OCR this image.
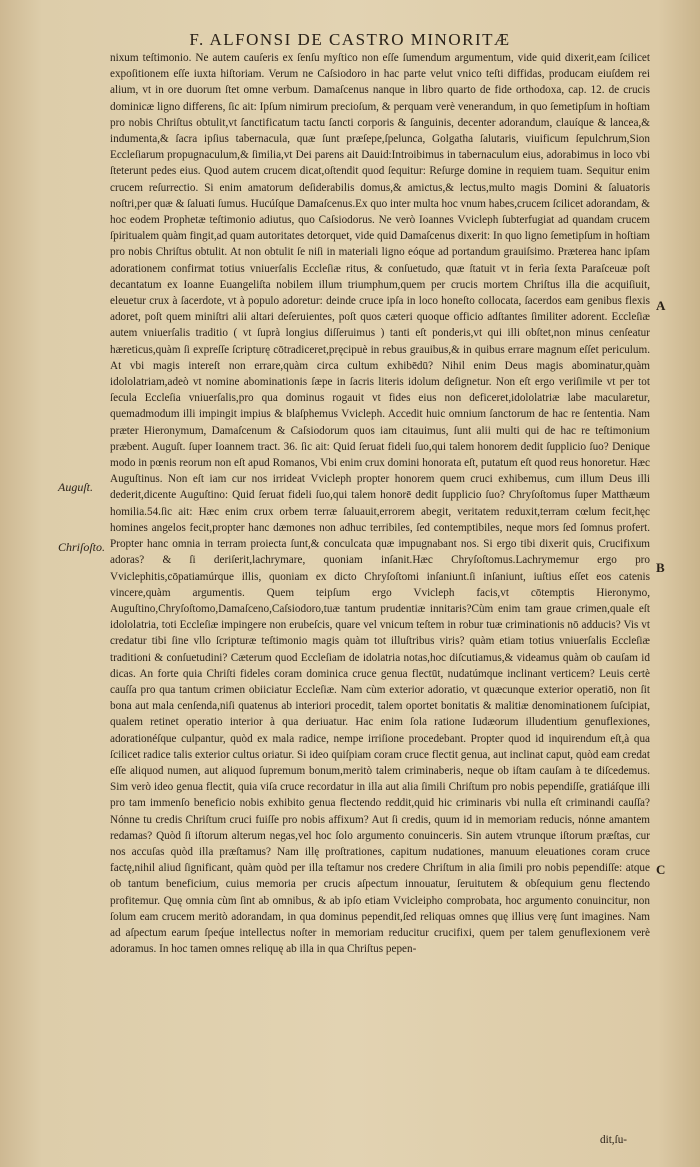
F. ALFONSI DE CASTRO MINORITÆ

nixum teſtimonio. Ne autem cauſeris ex ſenſu myſtico non eſſe ſumendum argumentum, vide quid dixerit,eam ſcilicet expoſitionem eſſe iuxta hiſtoriam. Verum ne Caſsiodoro in hac parte velut vnico teſti diffidas, producam eiuſdem rei alium, vt in ore duorum ſtet omne verbum. Damaſcenus nanque in libro quarto de fide orthodoxa, cap. 12. de crucis dominicæ ligno differens, ſic ait: Ipſum nimirum precioſum, & perquam verè venerandum, in quo ſemetipſum in hoſtiam pro nobis Chriſtus obtulit,vt ſanctificatum tactu ſancti corporis & ſanguinis, decenter adorandum, clauíque & lancea,& indumenta,& ſacra ipſius tabernacula, quæ ſunt præſepe,ſpelunca, Golgatha ſalutaris, viuificum ſepulchrum,Sion Eccleſiarum propugnaculum,& ſimilia,vt Dei parens ait Dauid:Introibimus in tabernaculum eius, adorabimus in loco vbi ſteterunt pedes eius. Quod autem crucem dicat,oſtendit quod ſequitur: Reſurge domine in requiem tuam. Sequitur enim crucem reſurrectio. Si enim amatorum deſiderabilis domus,& amictus,& lectus,multo magis Domini & ſaluatoris noſtri,per quæ & ſaluati ſumus. Hucúſque Damaſcenus.Ex quo inter multa hoc vnum habes,crucem ſcilicet adorandam, & hoc eodem Prophetæ teſtimonio adiutus, quo Caſsiodorus. Ne verò Ioannes Vvicleph ſubterfugiat ad quandam crucem ſpiritualem quàm fingit,ad quam autoritates detorquet, vide quid Damaſcenus dixerit: In quo ligno ſemetipſum in hoſtiam pro nobis Chriſtus obtulit. At non obtulit ſe niſi in materiali ligno eóque ad portandum grauiſsimo. Præterea hanc ipſam adorationem confirmat totius vniuerſalis Eccleſiæ ritus, & conſuetudo, quæ ſtatuit vt in ferìa ſexta Paraſceuæ poſt decantatum ex Ioanne Euangeliſta nobilem illum triumphum,quem per crucis mortem Chriſtus illa die acquiſiuit, eleuetur crux à ſacerdote, vt à populo adoretur: deinde cruce ipſa in loco honeſto collocata, ſacerdos eam genibus flexis adoret, poſt quem miniſtri alii altari deſeruientes, poſt quos cæteri quoque officio adſtantes ſimiliter adorent. Eccleſiæ autem vniuerſalis traditio ( vt ſuprà longius diſſeruimus ) tanti eſt ponderis,vt qui illi obſtet,non minus cenſeatur hæreticus,quàm ſi expreſſe ſcripturę cōtradiceret,pręcipuè in rebus grauibus,& in quibus errare magnum eſſet periculum. At vbi magis intereſt non errare,quàm circa cultum exhibēdū? Nihil enim Deus magis abominatur,quàm idololatriam,adeò vt nomine abominationis ſæpe in ſacris literis idolum deſignetur. Non eſt ergo veriſimile vt per tot ſecula Eccleſia vniuerſalis,pro qua dominus rogauit vt fides eius non deficeret,idololatriæ labe macularetur, quemadmodum illi impingit impius & blaſphemus Vvicleph. Accedit huic omnium ſanctorum de hac re ſententia. Nam præter Hieronymum, Damaſcenum & Caſsiodorum quos iam citauimus, ſunt alii multi qui de hac re teſtimonium præbent. Auguſt. ſuper Ioannem tract. 36. ſic ait: Quid ſeruat fideli ſuo,qui talem honorem dedit ſupplicio ſuo? Denique modo in pœnis reorum non eſt apud Romanos, Vbi enim crux domini honorata eſt, putatum eſt quod reus honoretur. Hæc Auguſtinus. Non eſt iam cur nos irrideat Vvicleph propter honorem quem cruci exhibemus, cum illum Deus illi dederit,dicente Auguſtino: Quid ſeruat fideli ſuo,qui talem honorē dedit ſupplicio ſuo? Chryſoſtomus ſuper Matthæum homilia.54.ſic ait: Hæc enim crux orbem terræ ſaluauit,errorem abegit, veritatem reduxit,terram cœlum fecit,hęc homines angelos fecit,propter hanc dæmones non adhuc terribiles, ſed contemptibiles, neque mors ſed ſomnus profert. Propter hanc omnia in terram proiecta ſunt,& conculcata quæ impugnabant nos. Si ergo tibi dixerit quis, Crucifixum adoras? & ſi deriſerit,lachrymare, quoniam inſanit.Hæc Chryſoſtomus.Lachrymemur ergo pro Vviclephitis,cōpatiamúrque illis, quoniam ex dicto Chryſoſtomi inſaniunt.ſi inſaniunt, iuſtius eſſet eos catenis vincere,quàm argumentis. Quem teipſum ergo Vvicleph facis,vt cōtemptis Hieronymo, Auguſtino,Chryſoſtomo,Damaſceno,Caſsiodoro,tuæ tantum prudentiæ innitaris?Cùm enim tam graue crimen,quale eſt idololatria, toti Eccleſiæ impingere non erubeſcis, quare vel vnicum teſtem in robur tuæ criminationis nō adducis? Vis vt credatur tibi ſine vllo ſcripturæ teſtimonio magis quàm tot illuſtribus viris? quàm etiam totius vniuerſalis Eccleſiæ traditioni & conſuetudini? Cæterum quod Eccleſiam de idolatria notas,hoc diſcutiamus,& videamus quàm ob cauſam id dicas. An forte quia Chriſti fideles coram dominica cruce genua flectūt, nudatúmque inclinant verticem? Leuis certè cauſſa pro qua tantum crimen obiiciatur Eccleſiæ. Nam cùm exterior adoratio, vt quæcunque exterior operatiō, non ſit bona aut mala cenſenda,niſi quatenus ab interiori procedit, talem oportet bonitatis & malitiæ denominationem ſuſcipiat, qualem retinet operatio interior à qua deriuatur. Hac enim ſola ratione Iudæorum illudentium genuflexiones, adorationéſque culpantur, quòd ex mala radice, nempe irriſione procedebant. Propter quod id inquirendum eſt,à qua ſcilicet radice talis exterior cultus oriatur. Si ideo quiſpiam coram cruce flectit genua, aut inclinat caput, quòd eam credat eſſe aliquod numen, aut aliquod ſupremum bonum,meritò talem criminaberis, neque ob iſtam cauſam à te diſcedemus. Sim verò ideo genua flectit, quia viſa cruce recordatur in illa aut alia ſimili Chriſtum pro nobis pependiſſe, gratiáſque illi pro tam immenſo beneficio nobis exhibito genua flectendo reddit,quid hic criminaris vbi nulla eſt criminandi cauſſa? Nónne tu credis Chriſtum cruci fuiſſe pro nobis affixum? Aut ſi credis, quum id in memoriam reducis, nónne amantem redamas? Quòd ſi iſtorum alterum negas,vel hoc ſolo argumento conuinceris. Sin autem vtrunque iſtorum præſtas, cur nos accuſas quòd illa præſtamus? Nam illę proſtrationes, capitum nudationes, manuum eleuationes coram cruce factę,nihil aliud ſignificant, quàm quòd per illa teſtamur nos credere Chriſtum in alia ſimili pro nobis pependiſſe: atque ob tantum beneficium, cuius memoria per crucis aſpectum innouatur, ſeruitutem & obſequium genu flectendo profitemur. Quę omnia cùm ſint ab omnibus, & ab ipſo etiam Vvicleipho comprobata, hoc argumento conuincitur, non ſolum eam crucem meritò adorandam, in qua dominus pependit,ſed reliquas omnes quę illius verę ſunt imagines. Nam ad aſpectum earum ſpeq́ue intellectus noſter in memoriam reducitur crucifixi, quem per talem genuflexionem verè adoramus. In hoc tamen omnes reliquę ab illa in qua Chriſtus pepen-

Auguſt.
Chriſoſto.
A
B
C
dit,ſu-
